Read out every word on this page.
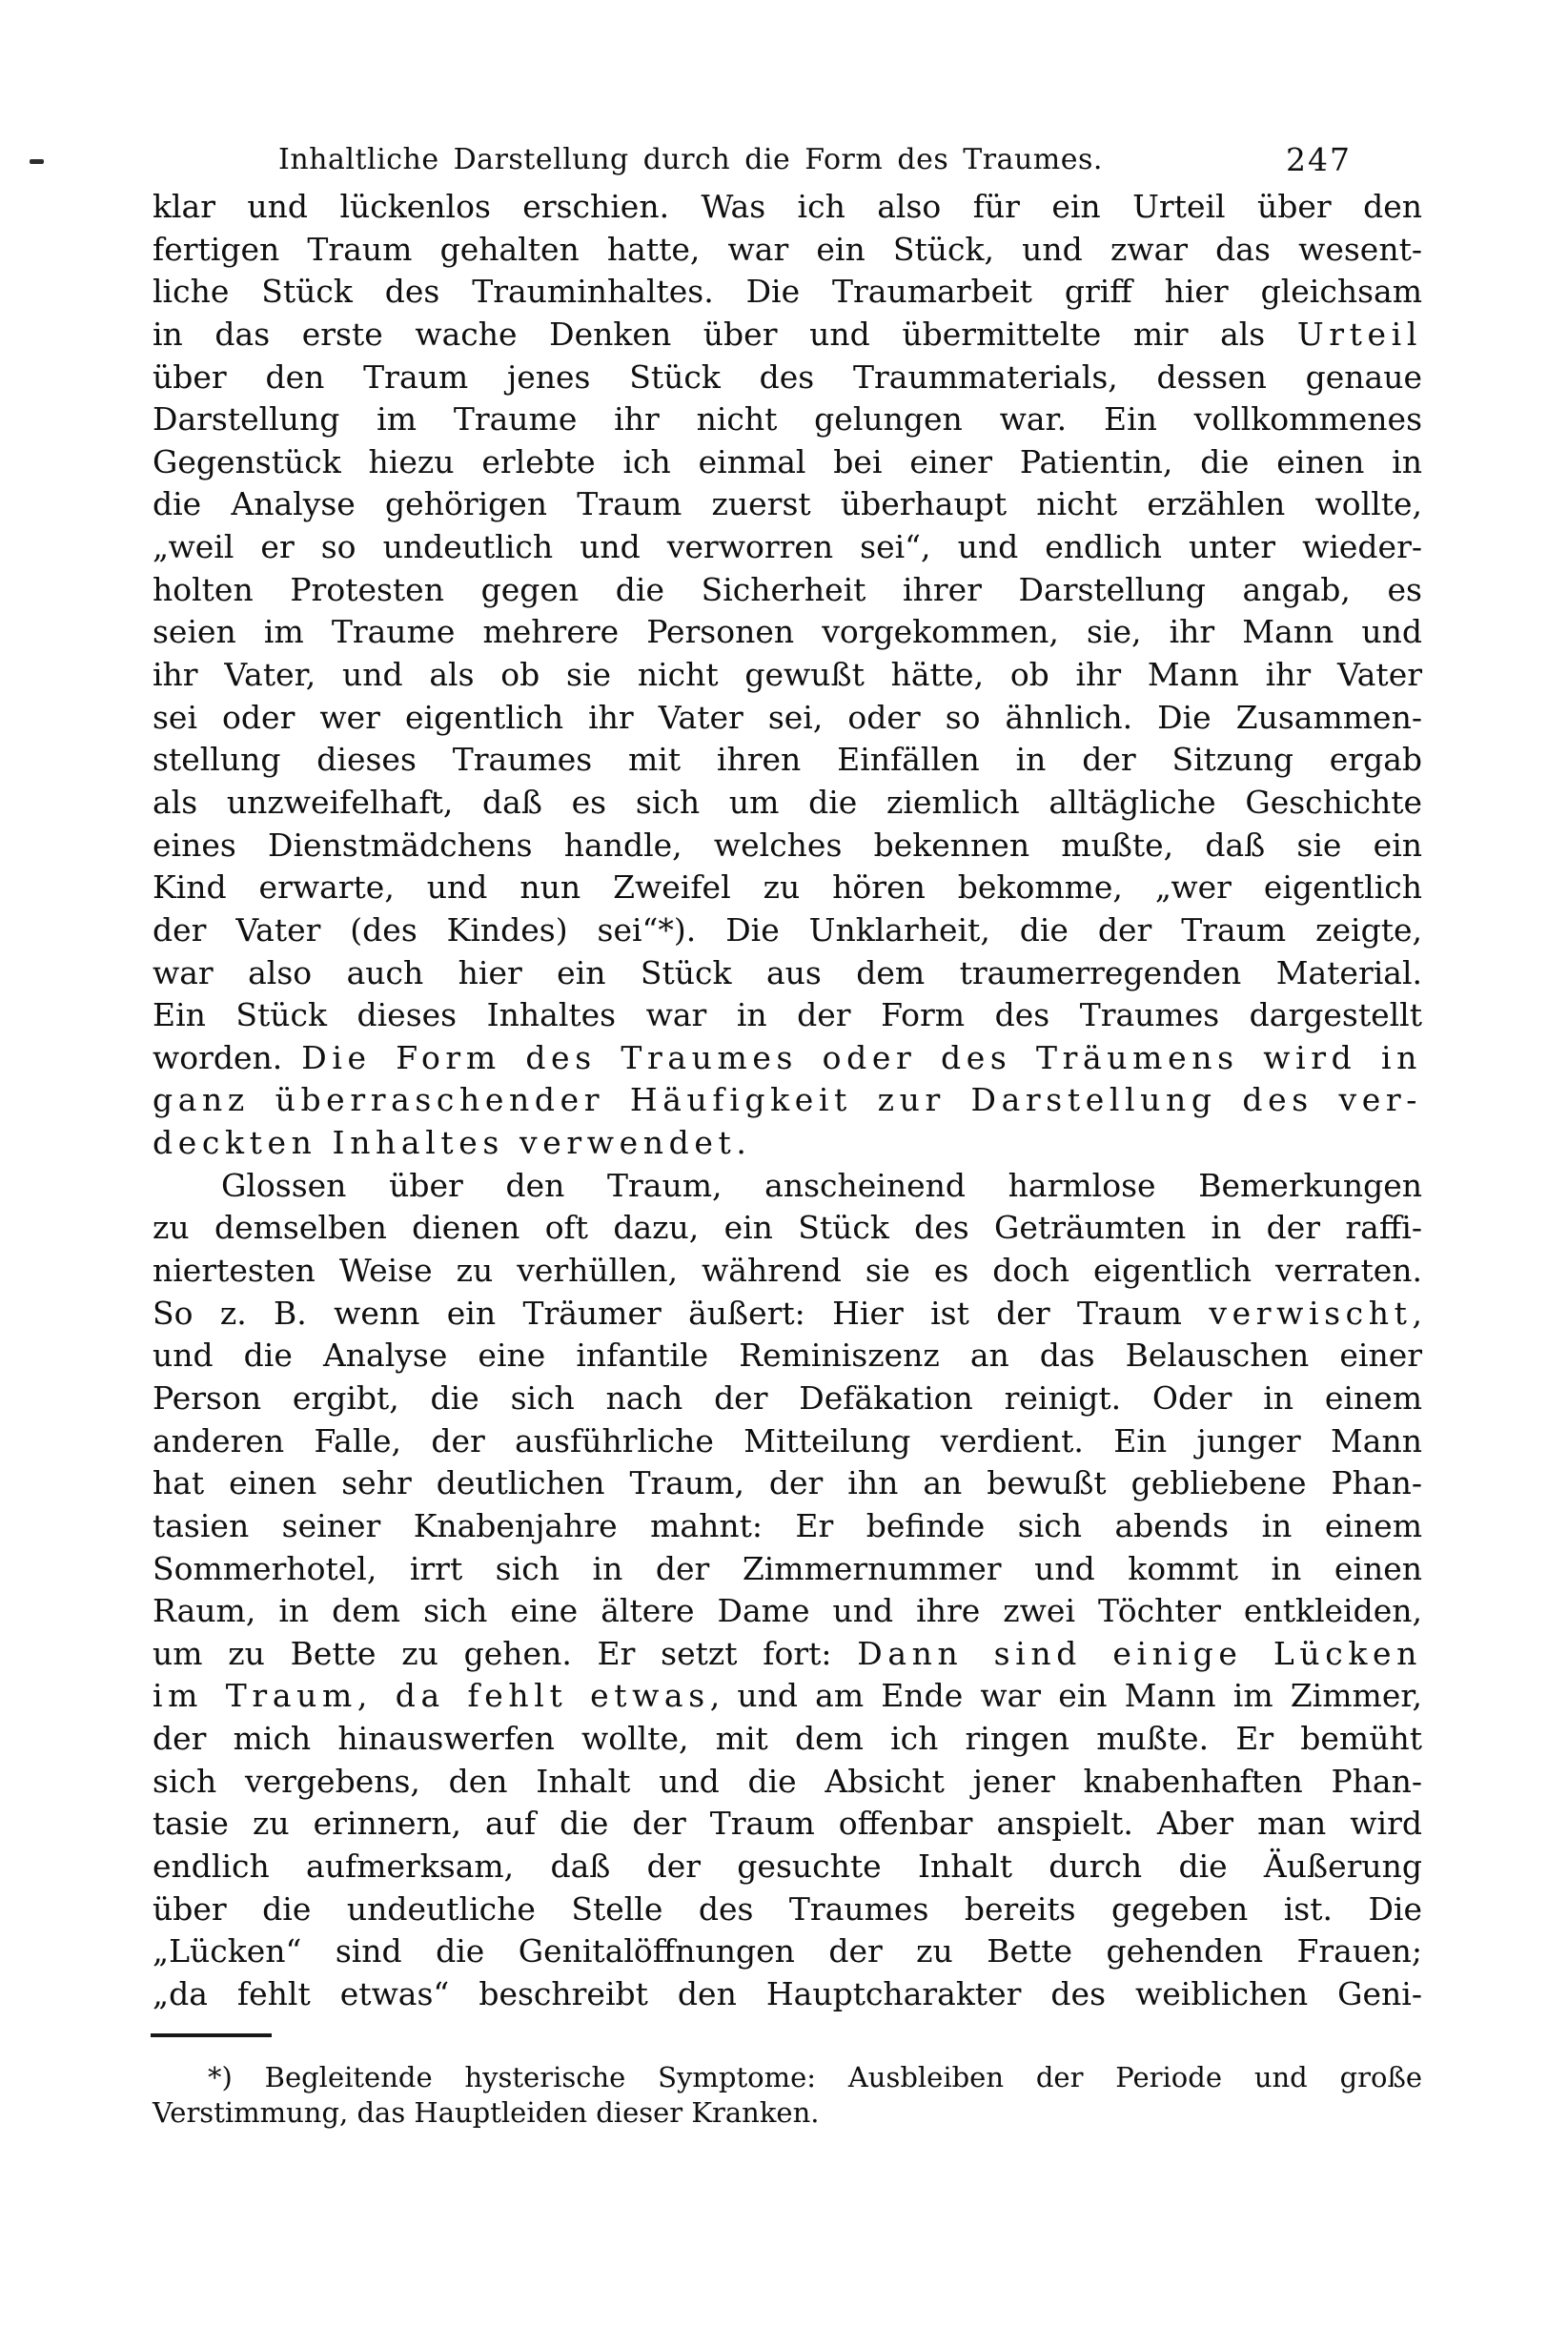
Inhaltliche Darstellung durch die Form des Traumes.	247
klar und lückenlos erschien. Was ich also für ein Urteil über den
fertigen Traum gehalten hatte, war ein Stück, und zwar das wesent-
liche Stück des Trauminhaltes. Die Traumarbeit griff hier gleichsam
in das erste wache Denken über und übermittelte mir als Urteil
über den Traum jenes Stück des Traummaterials, dessen genaue
Darstellung im Traume ihr nicht gelungen war. Ein vollkommenes
Gegenstück hiezu erlebte ich einmal bei einer Patientin, die einen in
die Analyse gehörigen Traum zuerst überhaupt nicht erzählen wollte,
„weil er so undeutlich und verworren sei“, und endlich unter wieder-
holten Protesten gegen die Sicherheit ihrer Darstellung angab, es
seien im Traume mehrere Personen vorgekommen, sie, ihr Mann und
ihr Vater, und als ob sie nicht gewußt hätte, ob ihr Mann ihr Vater
sei oder wer eigentlich ihr Vater sei, oder so ähnlich. Die Zusammen-
stellung dieses Traumes mit ihren Einfällen in der Sitzung ergab
als unzweifelhaft, daß es sich um die ziemlich alltägliche Geschichte
eines Dienstmädchens handle, welches bekennen mußte, daß sie ein
Kind erwarte, und nun Zweifel zu hören bekomme, „wer eigentlich
der Vater (des Kindes) sei“*). Die Unklarheit, die der Traum zeigte,
war also auch hier ein Stück aus dem traumerregenden Material.
Ein Stück dieses Inhaltes war in der Form des Traumes dargestellt
worden. Die Form des Traumes oder des Träumens wird in
ganz überraschender Häufigkeit zur Darstellung des ver-
deckten Inhaltes verwendet.
Glossen über den Traum, anscheinend harmlose Bemerkungen
zu demselben dienen oft dazu, ein Stück des Geträumten in der raffi-
niertesten Weise zu verhüllen, während sie es doch eigentlich verraten.
So z. B. wenn ein Träumer äußert: Hier ist der Traum verwischt,
und die Analyse eine infantile Reminiszenz an das Belauschen einer
Person ergibt, die sich nach der Defäkation reinigt. Oder in einem
anderen Falle, der ausführliche Mitteilung verdient. Ein junger Mann
hat einen sehr deutlichen Traum, der ihn an bewußt gebliebene Phan-
tasien seiner Knabenjahre mahnt: Er befinde sich abends in einem
Sommerhotel, irrt sich in der Zimmernummer und kommt in einen
Raum, in dem sich eine ältere Dame und ihre zwei Töchter entkleiden,
um zu Bette zu gehen. Er setzt fort: Dann sind einige Lücken
im Traum, da fehlt etwas, und am Ende war ein Mann im Zimmer,
der mich hinauswerfen wollte, mit dem ich ringen mußte. Er bemüht
sich vergebens, den Inhalt und die Absicht jener knabenhaften Phan-
tasie zu erinnern, auf die der Traum offenbar anspielt. Aber man wird
endlich aufmerksam, daß der gesuchte Inhalt durch die Äußerung
über die undeutliche Stelle des Traumes bereits gegeben ist. Die
„Lücken“ sind die Genitalöffnungen der zu Bette gehenden Frauen;
„da fehlt etwas“ beschreibt den Hauptcharakter des weiblichen Geni-
*) Begleitende hysterische Symptome: Ausbleiben der Periode und große
Verstimmung, das Hauptleiden dieser Kranken.
